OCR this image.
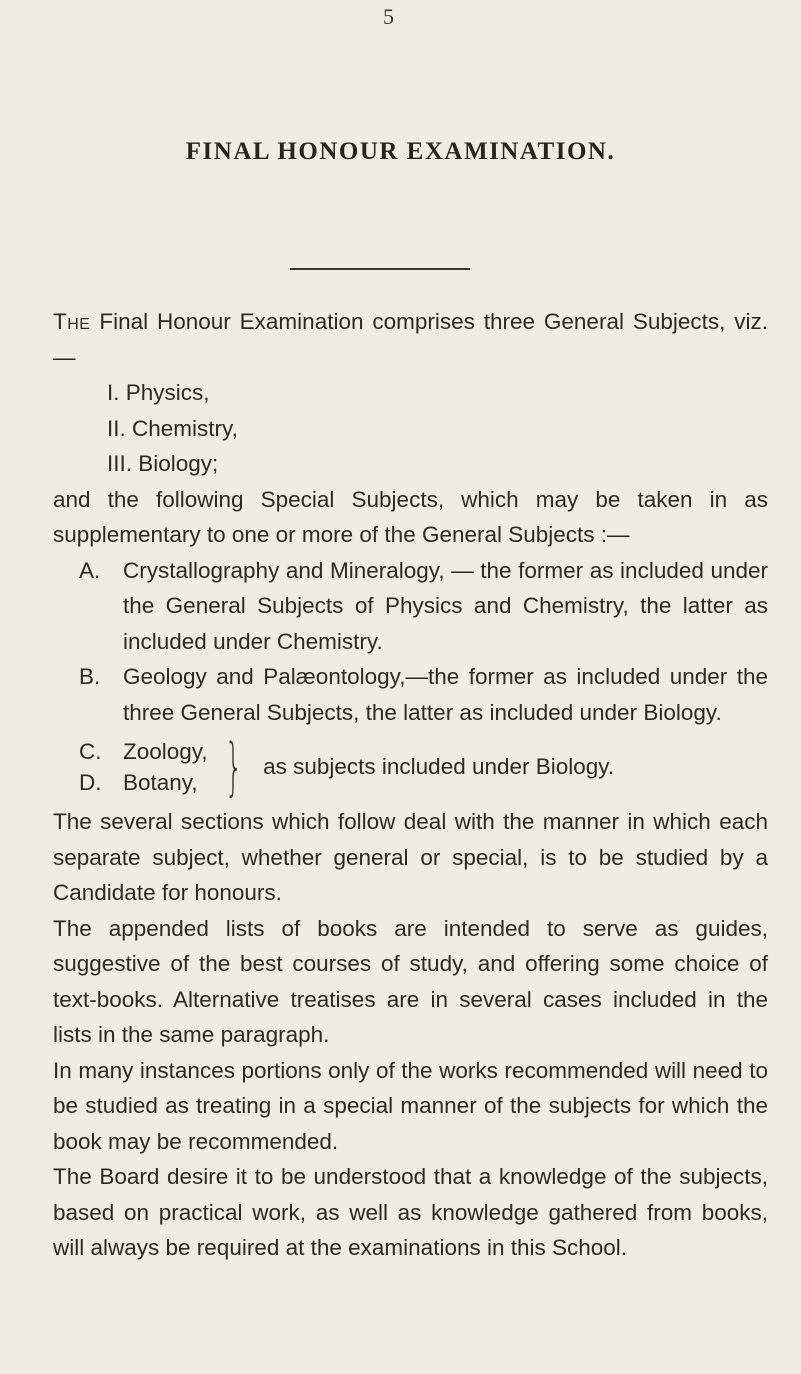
5
FINAL HONOUR EXAMINATION.

The Final Honour Examination comprises three General Subjects, viz.—

I. Physics,
II. Chemistry,
III. Biology;

and the following Special Subjects, which may be taken in as supplementary to one or more of the General Subjects :—

A.	Crystallography and Mineralogy, — the former as included under the General Subjects of Physics and Chemistry, the latter as included under Chemistry.
B.	Geology and Palæontology,—the former as included under the three General Subjects, the latter as included under Biology.
C. Zoology,
D. Botany, } as subjects included under Biology.

The several sections which follow deal with the manner in which each separate subject, whether general or special, is to be studied by a Candidate for honours.

The appended lists of books are intended to serve as guides, suggestive of the best courses of study, and offering some choice of text-books. Alternative treatises are in several cases included in the lists in the same paragraph.

In many instances portions only of the works recommended will need to be studied as treating in a special manner of the subjects for which the book may be recommended.

The Board desire it to be understood that a knowledge of the subjects, based on practical work, as well as knowledge gathered from books, will always be required at the examinations in this School.
